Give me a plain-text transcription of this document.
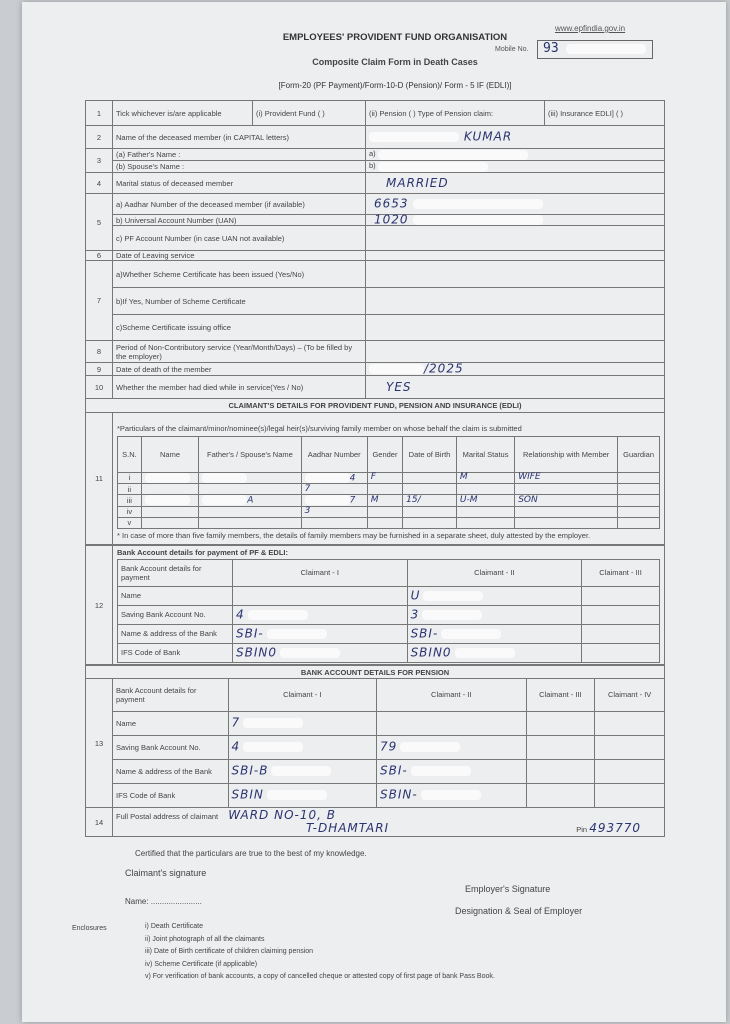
EMPLOYEES' PROVIDENT FUND ORGANISATION
Composite Claim Form in Death Cases
[Form-20 (PF Payment)/Form-10-D (Pension)/ Form - 5 IF (EDLI)]
www.epfindia.gov.in
Mobile No.	93
1	Tick whichever is/are applicable	(i) Provident Fund ( )	(ii) Pension ( ) Type of Pension claim:	(iii) Insurance EDLI] ( )
2	Name of the deceased member (in CAPITAL letters)	KUMAR
3	(a) Father's Name :	a)
	(b) Spouse's Name :	b)
4	Marital status of deceased member	MARRIED
5	a) Aadhar Number of the deceased member (if available)	6653
	b) Universal Account Number (UAN)	1020
	c) PF Account Number (in case UAN not available)	
6	Date of Leaving service	
7	a)Whether Scheme Certificate has been issued (Yes/No)	
	b)If Yes, Number of Scheme Certificate	
	c)Scheme Certificate issuing office	
8	Period of Non-Contributory service (Year/Month/Days) – (To be filled by the employer)	
9	Date of death of the member	/2025
10	Whether the member had died while in service(Yes / No)	YES
CLAIMANT'S DETAILS FOR PROVIDENT FUND, PENSION AND INSURANCE (EDLI)		
11	
*Particulars of the claimant/minor/nominee(s)/legal heir(s)/surviving family member on whose behalf the claim is submitted
S.N.	Name	Father's / Spouse's Name	Aadhar Number	Gender	Date of Birth	Marital Status	Relationship with Member	Guardian
i			4	F		M	WIFE	
ii			7					
iii		A	7	M	15/	U-M	SON	
iv			3					
v								
* In case of more than five family members, the details of family members may be furnished in a separate sheet, duly attested by the employer.
12	
Bank Account details for payment of PF & EDLI:
Bank Account details for payment	Claimant - I	Claimant - II	Claimant - III
Name		U	
Saving Bank Account No.	4	3	
Name & address of the Bank	SBI-	SBI-	
IFS Code of Bank	SBIN0	SBIN0	
BANK ACCOUNT DETAILS FOR PENSION
13	
Bank Account details for payment	Claimant - I	Claimant - II	Claimant - III	Claimant - IV
Name	7			
Saving Bank Account No.	4	79		
Name & address of the Bank	SBI-B	SBI-		
IFS Code of Bank	SBIN	SBIN-		

14	
Full Postal address of claimant WARD NO-10, B
T-DHAMTARI	Pin 493770
Certified that the particulars are true to the best of my knowledge.
Claimant's signature
Name: .......................
Employer's Signature
Designation & Seal of Employer
Enclosures	i) Death Certificate
ii) Joint photograph of all the claimants
iii) Date of Birth certificate of children claiming pension
iv) Scheme Certificate (if applicable)
v) For verification of bank accounts, a copy of cancelled cheque or attested copy of first page of bank Pass Book.
